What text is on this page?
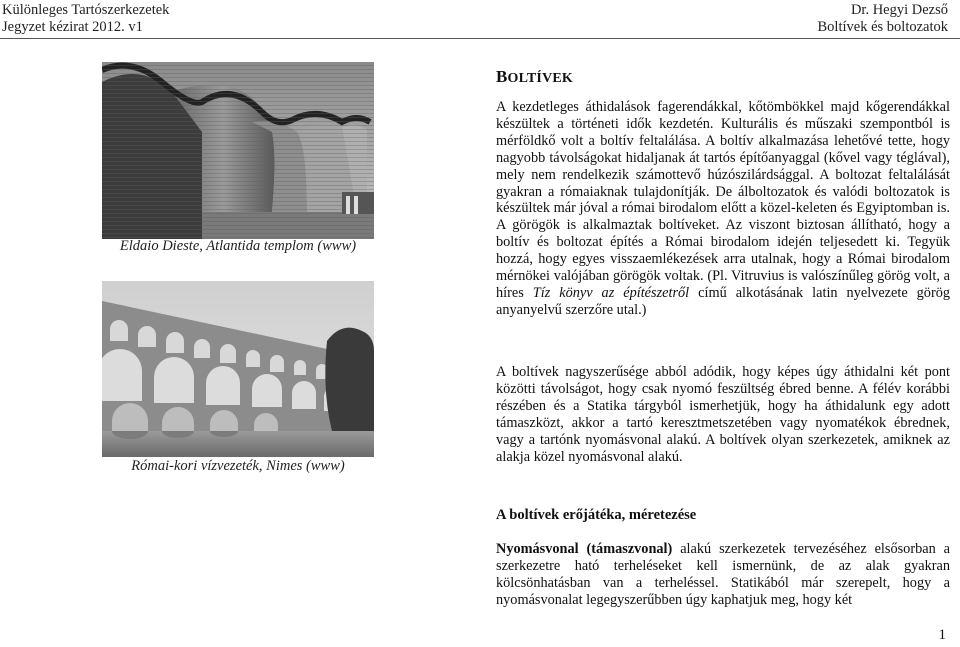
Különleges Tartószerkezetek
Jegyzet kézirat 2012. v1
Dr. Hegyi Dezső
Boltívek és boltozatok
Eldaio Dieste, Atlantida templom (www)
Római-kori vízvezeték, Nimes (www)
BOLTÍVEK

A kezdetleges áthidalások fagerendákkal, kőtömbökkel majd kőgerendákkal készültek a történeti idők kezdetén. Kulturális és műszaki szempontból is mérföldkő volt a boltív feltalálása. A boltív alkalmazása lehetővé tette, hogy nagyobb távolságokat hidaljanak át tartós építőanyaggal (kővel vagy téglával), mely nem rendelkezik számottevő húzószilárdsággal. A boltozat feltalálását gyakran a rómaiaknak tulajdonítják. De álboltozatok és valódi boltozatok is készültek már jóval a római birodalom előtt a közel-keleten és Egyiptomban is. A görögök is alkalmaztak boltíveket. Az viszont biztosan állítható, hogy a boltív és boltozat építés a Római birodalom idején teljesedett ki. Tegyük hozzá, hogy egyes visszaemlékezések arra utalnak, hogy a Római birodalom mérnökei valójában görögök voltak. (Pl. Vitruvius is valószínűleg görög volt, a híres Tíz könyv az építészetről című alkotásának latin nyelvezete görög anyanyelvű szerzőre utal.)

A boltívek nagyszerűsége abból adódik, hogy képes úgy áthidalni két pont közötti távolságot, hogy csak nyomó feszültség ébred benne. A félév korábbi részében és a Statika tárgyból ismerhetjük, hogy ha áthidalunk egy adott támaszközt, akkor a tartó keresztmetszetében vagy nyomatékok ébrednek, vagy a tartónk nyomásvonal alakú. A boltívek olyan szerkezetek, amiknek az alakja közel nyomásvonal alakú.

A boltívek erőjátéka, méretezése

Nyomásvonal (támaszvonal) alakú szerkezetek tervezéséhez elsősorban a szerkezetre ható terheléseket kell ismernünk, de az alak gyakran kölcsönhatásban van a terheléssel. Statikából már szerepelt, hogy a nyomásvonalat legegyszerűbben úgy kaphatjuk meg, hogy két

1
